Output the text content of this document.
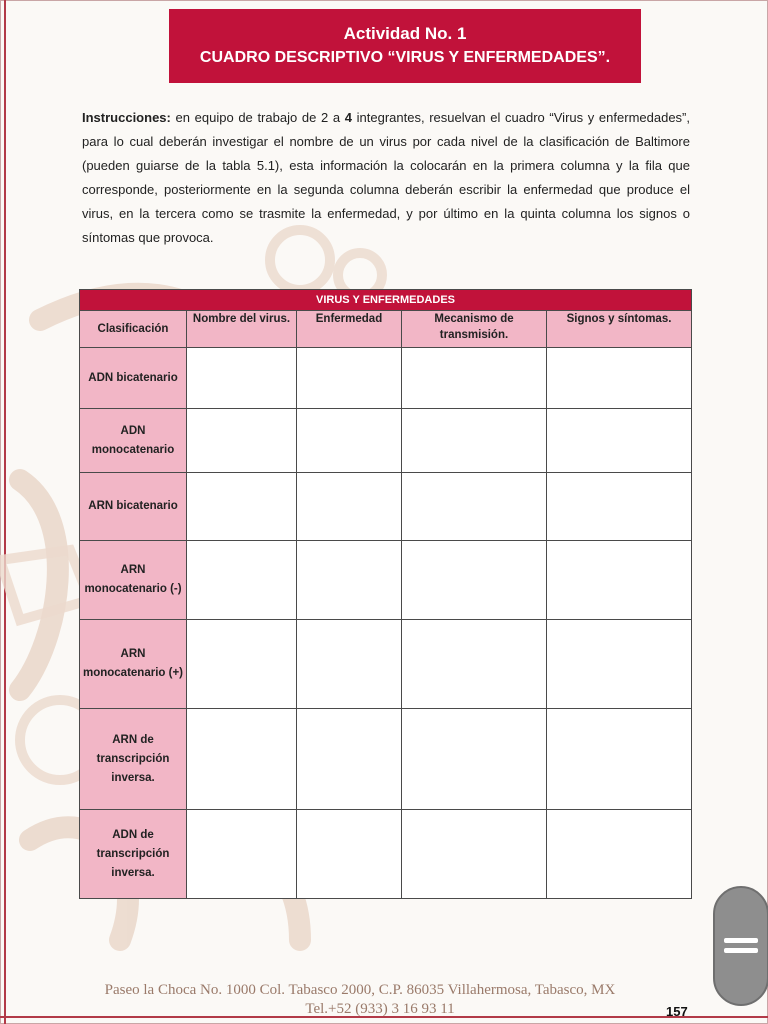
Actividad No. 1
CUADRO DESCRIPTIVO “VIRUS Y ENFERMEDADES”.
Instrucciones: en equipo de trabajo de 2 a 4 integrantes, resuelvan el cuadro “Virus y enfermedades”, para lo cual deberán investigar el nombre de un virus por cada nivel de la clasificación de Baltimore (pueden guiarse de la tabla 5.1), esta información la colocarán en la primera columna y la fila que corresponde, posteriormente en la segunda columna deberán escribir la enfermedad que produce el virus, en la tercera como se trasmite la enfermedad, y por último en la quinta columna los signos o síntomas que provoca.
VIRUS Y ENFERMEDADES				
Clasificación	Nombre del virus.	Enfermedad	Mecanismo de transmisión.	Signos y síntomas.
ADN bicatenario				
ADN monocatenario				
ARN bicatenario				
ARN monocatenario (-)				
ARN monocatenario (+)				
ARN de transcripción inversa.				
ADN de transcripción inversa.				
Paseo la Choca No. 1000 Col. Tabasco 2000, C.P. 86035 Villahermosa, Tabasco, MX
Tel.+52 (933) 3 16 93 11	157
